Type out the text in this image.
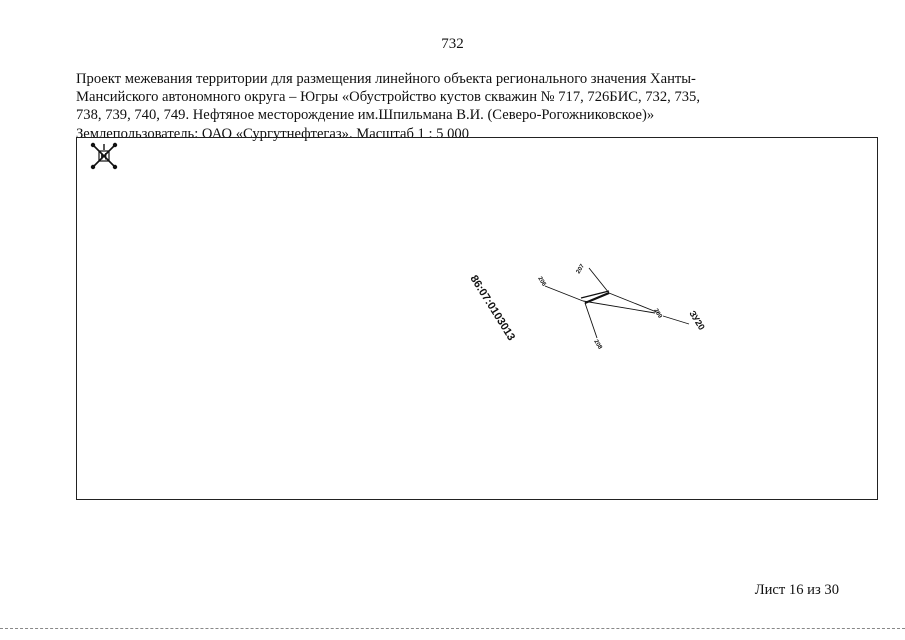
732
Проект межевания территории для размещения линейного объекта регионального значения Ханты-
Мансийского автономного округа – Югры «Обустройство кустов скважин № 717, 726БИС, 732, 735,
738, 739, 740, 749. Нефтяное месторождение им.Шпильмана В.И. (Северо-Рогожниковское)»
Землепользователь: ОАО «Сургутнефтегаз». Масштаб 1 : 5 000
H
86:07:0103013	206
207
209
208
ЗУ20
Лист 16 из 30
